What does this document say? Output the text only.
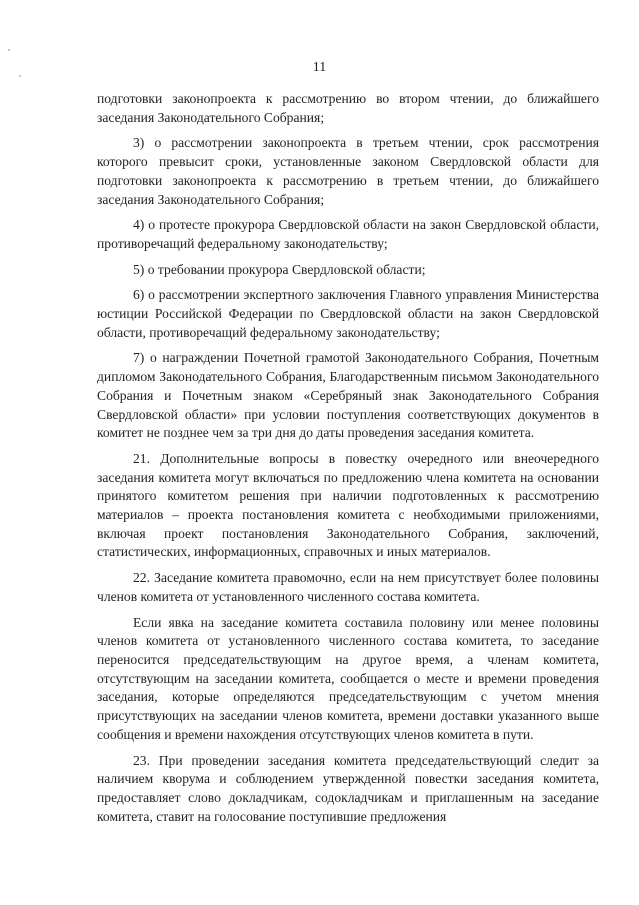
11

подготовки законопроекта к рассмотрению во втором чтении, до ближайшего заседания Законодательного Собрания;

3) о рассмотрении законопроекта в третьем чтении, срок рассмотрения которого превысит сроки, установленные законом Свердловской области для подготовки законопроекта к рассмотрению в третьем чтении, до ближайшего заседания Законодательного Собрания;

4) о протесте прокурора Свердловской области на закон Свердловской области, противоречащий федеральному законодательству;

5) о требовании прокурора Свердловской области;

6) о рассмотрении экспертного заключения Главного управления Министерства юстиции Российской Федерации по Свердловской области на закон Свердловской области, противоречащий федеральному законодательству;

7) о награждении Почетной грамотой Законодательного Собрания, Почетным дипломом Законодательного Собрания, Благодарственным письмом Законодательного Собрания и Почетным знаком «Серебряный знак Законодательного Собрания Свердловской области» при условии поступления соответствующих документов в комитет не позднее чем за три дня до даты проведения заседания комитета.

21. Дополнительные вопросы в повестку очередного или внеочередного заседания комитета могут включаться по предложению члена комитета на основании принятого комитетом решения при наличии подготовленных к рассмотрению материалов – проекта постановления комитета с необходимыми приложениями, включая проект постановления Законодательного Собрания, заключений, статистических, информационных, справочных и иных материалов.

22. Заседание комитета правомочно, если на нем присутствует более половины членов комитета от установленного численного состава комитета.

Если явка на заседание комитета составила половину или менее половины членов комитета от установленного численного состава комитета, то заседание переносится председательствующим на другое время, а членам комитета, отсутствующим на заседании комитета, сообщается о месте и времени проведения заседания, которые определяются председательствующим с учетом мнения присутствующих на заседании членов комитета, времени доставки указанного выше сообщения и времени нахождения отсутствующих членов комитета в пути.

23. При проведении заседания комитета председательствующий следит за наличием кворума и соблюдением утвержденной повестки заседания комитета, предоставляет слово докладчикам, содокладчикам и приглашенным на заседание комитета, ставит на голосование поступившие предложения
